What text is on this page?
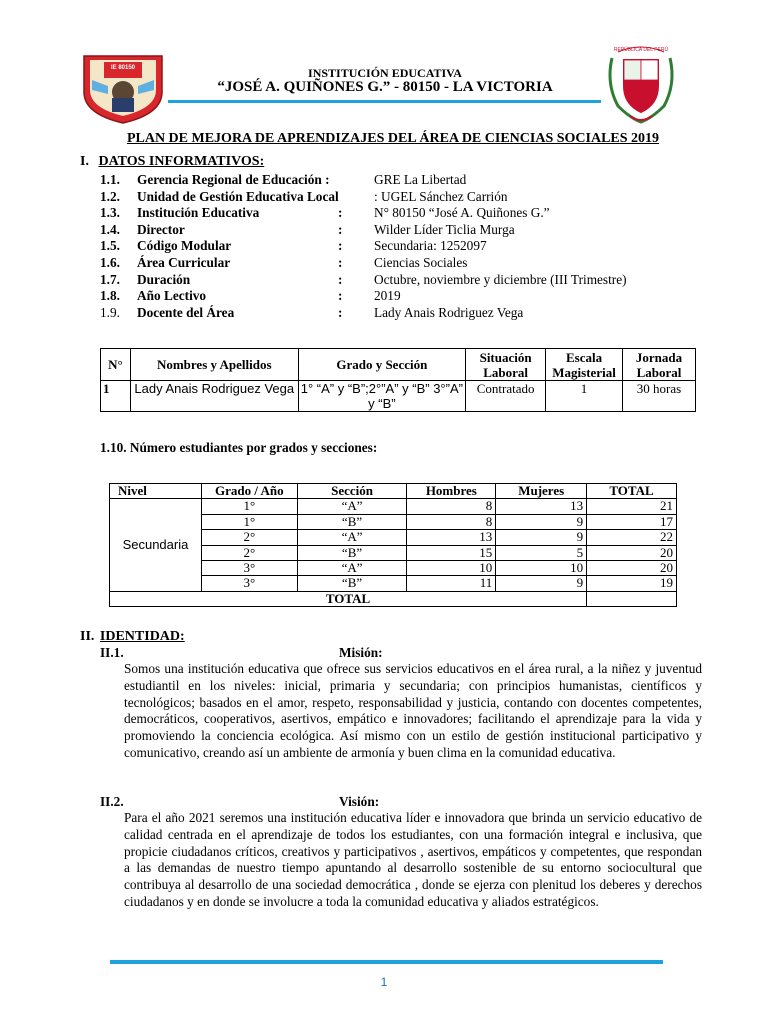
IE 80150
REPÚBLICA DEL PERÚ
INSTITUCIÓN EDUCATIVA
“JOSÉ A. QUIÑONES G.” - 80150 - LA VICTORIA
PLAN DE MEJORA DE APRENDIZAJES DEL ÁREA DE CIENCIAS SOCIALES 2019
I. DATOS INFORMATIVOS:
1.1. Gerencia Regional de Educación :	GRE La Libertad
1.2. Unidad de Gestión Educativa Local	: UGEL Sánchez Carrión
1.3. Institución Educativa	: N° 80150 “José A. Quiñones G.”
1.4. Director	: Wilder Líder Ticlia Murga
1.5. Código Modular	: Secundaria: 1252097
1.6. Área Curricular	: Ciencias Sociales
1.7. Duración	: Octubre, noviembre y diciembre (III Trimestre)
1.8. Año Lectivo	: 2019
1.9. Docente del Área	: Lady Anais Rodriguez Vega
N°	Nombres y Apellidos	Grado y Sección	Situación Laboral	Escala Magisterial	Jornada Laboral
1	Lady Anais Rodriguez Vega	1° “A” y “B”;2°”A” y “B” 3°”A” y “B”	Contratado	1	30 horas
1.10. Número estudiantes por grados y secciones:
Nivel	Grado / Año	Sección	Hombres	Mujeres	TOTAL
Secundaria	1°	“A”	8	13	21
	1°	“B”	8	9	17
	2°	“A”	13	9	22
	2°	“B”	15	5	20
	3°	“A”	10	10	20
	3°	“B”	11	9	19
TOTAL					
II. IDENTIDAD:
II.1.	Misión:
Somos una institución educativa que ofrece sus servicios educativos en el área rural, a la niñez y juventud estudiantil en los niveles: inicial, primaria y secundaria; con principios humanistas, científicos y tecnológicos; basados en el amor, respeto, responsabilidad y justicia, contando con docentes competentes, democráticos, cooperativos, asertivos, empático e innovadores; facilitando el aprendizaje para la vida y promoviendo la conciencia ecológica. Así mismo con un estilo de gestión institucional participativo y comunicativo, creando así un ambiente de armonía y buen clima en la comunidad educativa.
II.2.	Visión:
Para el año 2021 seremos una institución educativa líder e innovadora que brinda un servicio educativo de calidad centrada en el aprendizaje de todos los estudiantes, con una formación integral e inclusiva, que propicie ciudadanos críticos, creativos y participativos , asertivos, empáticos y competentes, que respondan a las demandas de nuestro tiempo apuntando al desarrollo sostenible de su entorno sociocultural que contribuya al desarrollo de una sociedad democrática , donde se ejerza con plenitud los deberes y derechos ciudadanos y en donde se involucre a toda la comunidad educativa y aliados estratégicos.
1
